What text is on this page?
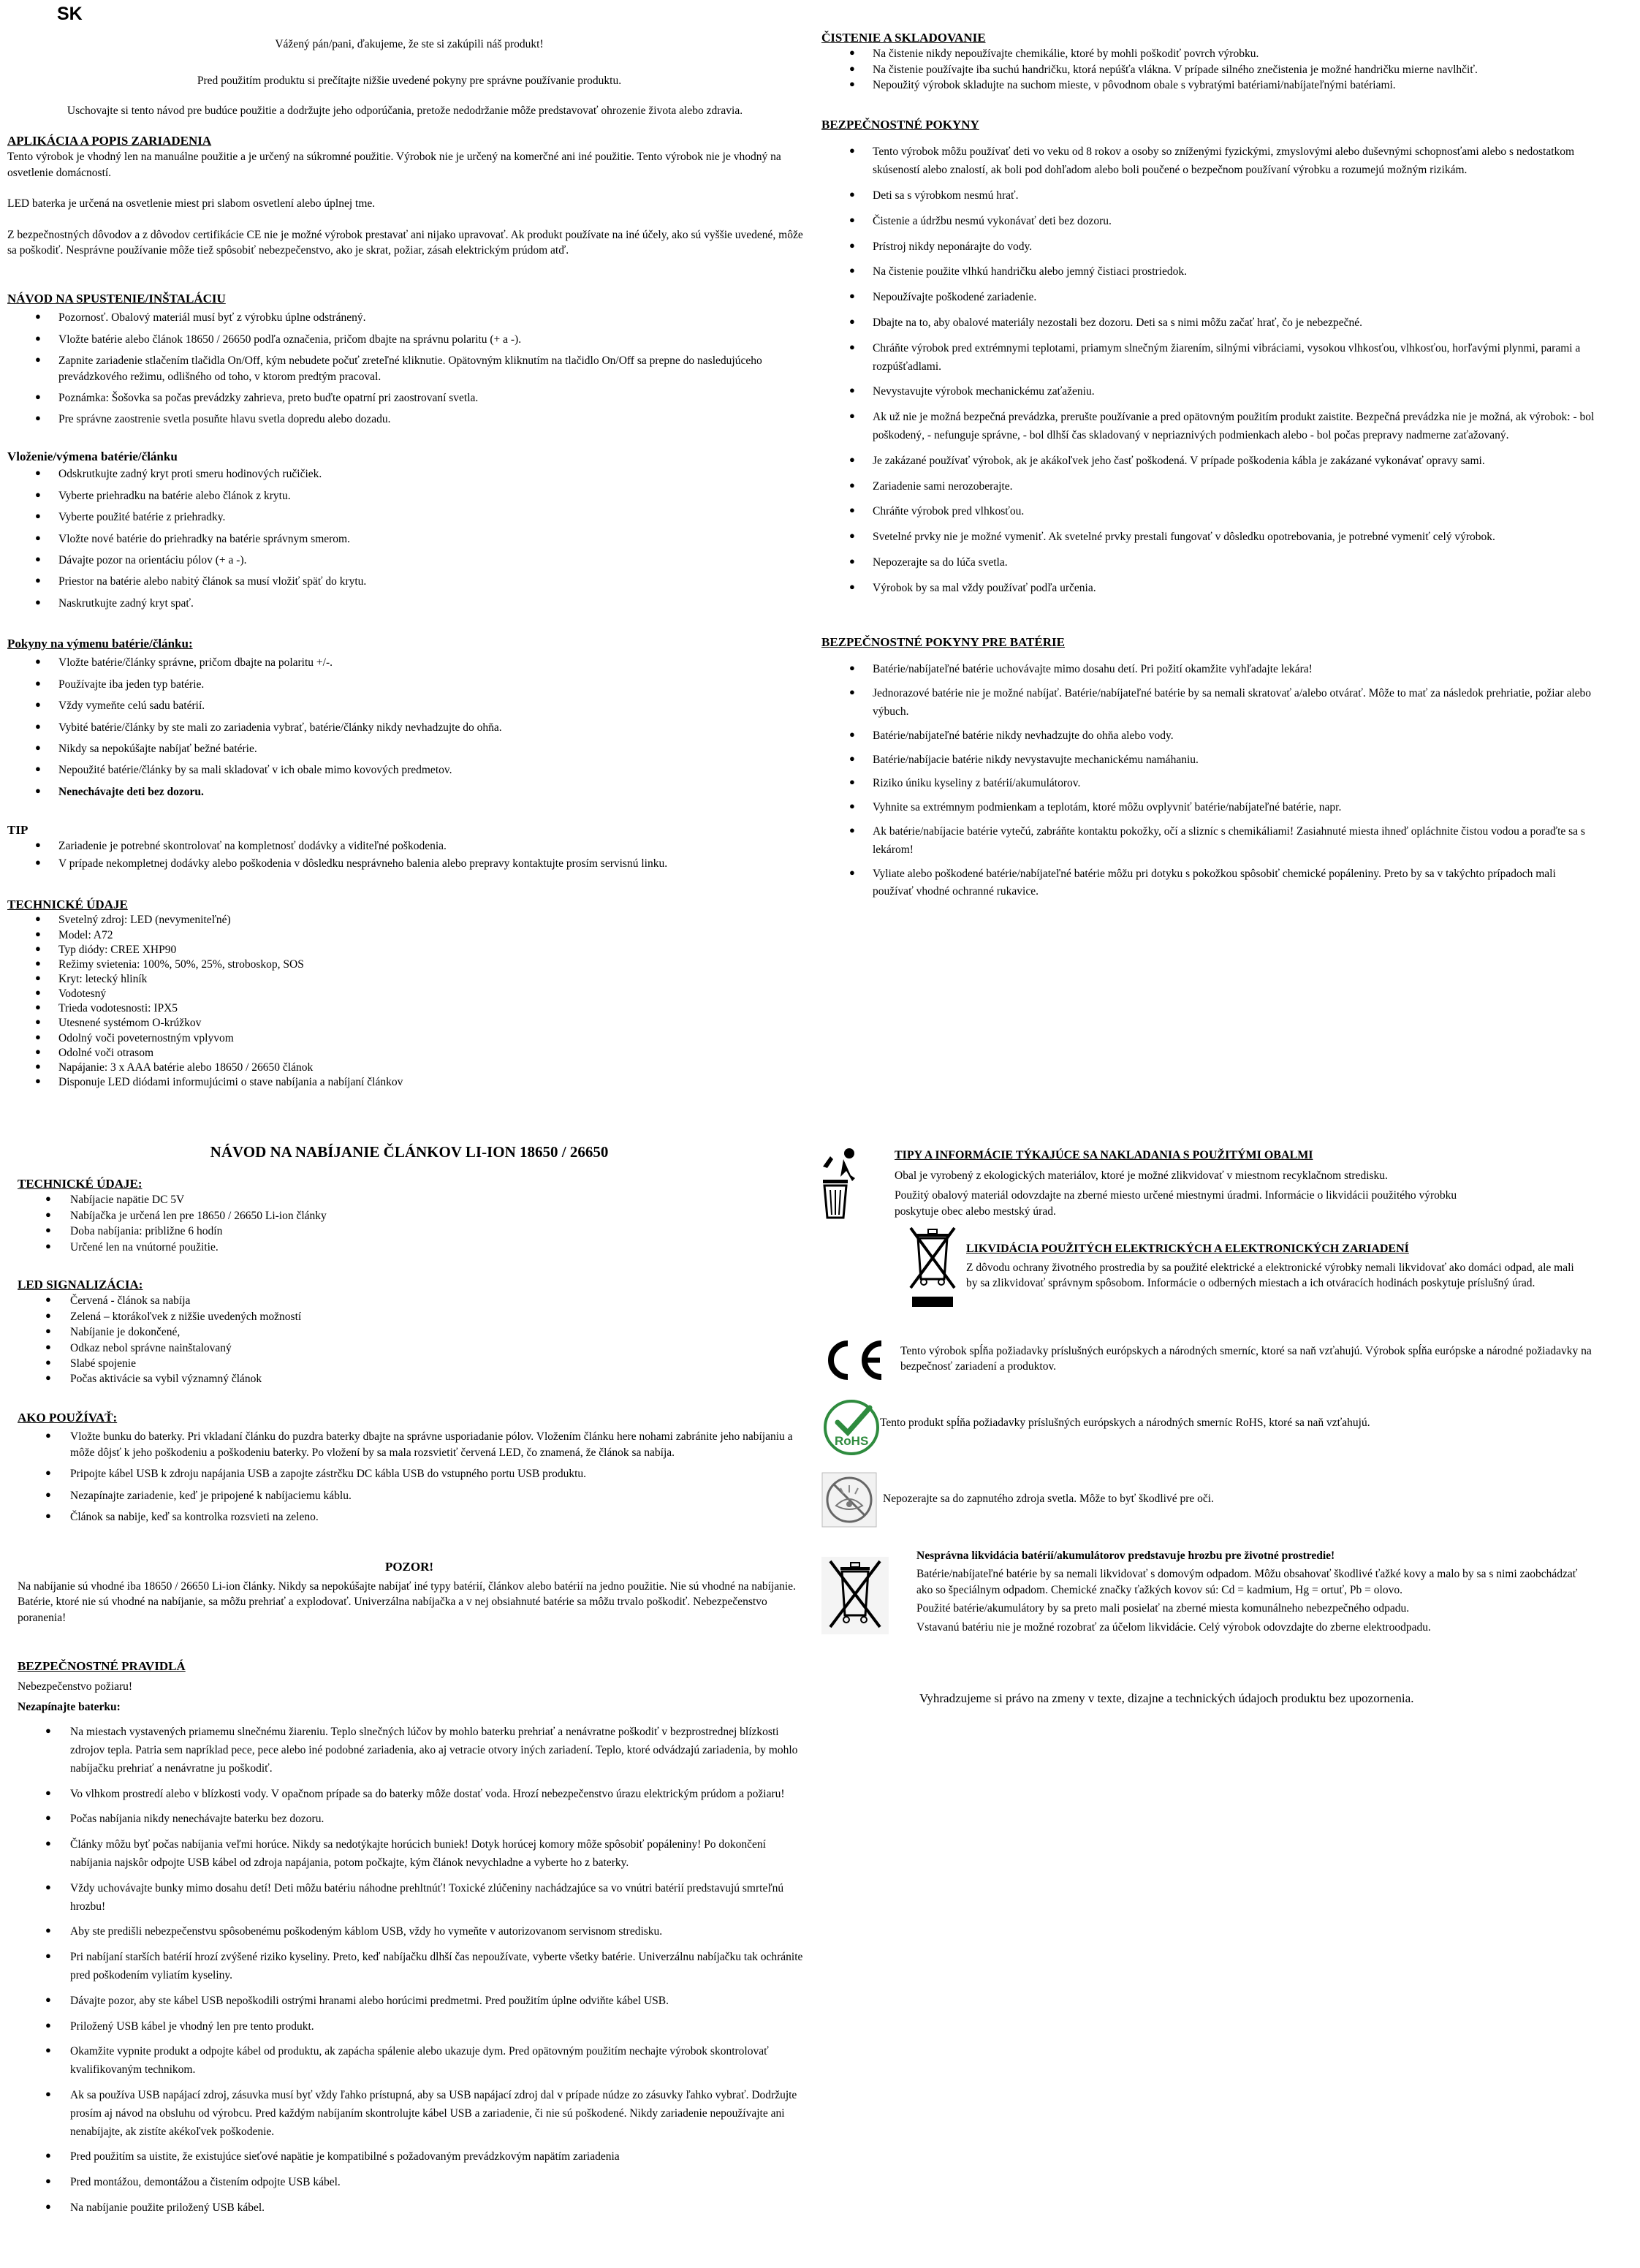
SK
Vážený pán/pani, ďakujeme, že ste si zakúpili náš produkt!
Pred použitím produktu si prečítajte nižšie uvedené pokyny pre správne používanie produktu.
Uschovajte si tento návod pre budúce použitie a dodržujte jeho odporúčania, pretože nedodržanie môže predstavovať ohrozenie života alebo zdravia.

APLIKÁCIA A POPIS ZARIADENIA

Tento výrobok je vhodný len na manuálne použitie a je určený na súkromné použitie. Výrobok nie je určený na komerčné ani iné použitie. Tento výrobok nie je vhodný na osvetlenie domácností.

LED baterka je určená na osvetlenie miest pri slabom osvetlení alebo úplnej tme.

Z bezpečnostných dôvodov a z dôvodov certifikácie CE nie je možné výrobok prestavať ani nijako upravovať. Ak produkt používate na iné účely, ako sú vyššie uvedené, môže sa poškodiť. Nesprávne používanie môže tiež spôsobiť nebezpečenstvo, ako je skrat, požiar, zásah elektrickým prúdom atď.

NÁVOD NA SPUSTENIE/INŠTALÁCIU

● Pozornosť. Obalový materiál musí byť z výrobku úplne odstránený.
● Vložte batérie alebo článok 18650 / 26650 podľa označenia, pričom dbajte na správnu polaritu (+ a -).
● Zapnite zariadenie stlačením tlačidla On/Off, kým nebudete počuť zreteľné kliknutie. Opätovným kliknutím na tlačidlo On/Off sa prepne do nasledujúceho prevádzkového režimu, odlišného od toho, v ktorom predtým pracoval.
● Poznámka: Šošovka sa počas prevádzky zahrieva, preto buďte opatrní pri zaostrovaní svetla.
● Pre správne zaostrenie svetla posuňte hlavu svetla dopredu alebo dozadu.

Vloženie/výmena batérie/článku

● Odskrutkujte zadný kryt proti smeru hodinových ručičiek.
● Vyberte priehradku na batérie alebo článok z krytu.
● Vyberte použité batérie z priehradky.
● Vložte nové batérie do priehradky na batérie správnym smerom.
● Dávajte pozor na orientáciu pólov (+ a -).
● Priestor na batérie alebo nabitý článok sa musí vložiť späť do krytu.
● Naskrutkujte zadný kryt spať.

Pokyny na výmenu batérie/článku:

● Vložte batérie/články správne, pričom dbajte na polaritu +/-.
● Používajte iba jeden typ batérie.
● Vždy vymeňte celú sadu batérií.
● Vybité batérie/články by ste mali zo zariadenia vybrať, batérie/články nikdy nevhadzujte do ohňa.
● Nikdy sa nepokúšajte nabíjať bežné batérie.
● Nepoužité batérie/články by sa mali skladovať v ich obale mimo kovových predmetov.
● Nenechávajte deti bez dozoru.

TIP

● Zariadenie je potrebné skontrolovať na kompletnosť dodávky a viditeľné poškodenia.
● V prípade nekompletnej dodávky alebo poškodenia v dôsledku nesprávneho balenia alebo prepravy kontaktujte prosím servisnú linku.

TECHNICKÉ ÚDAJE

● Svetelný zdroj: LED (nevymeniteľné)
● Model: A72
● Typ diódy: CREE XHP90
● Režimy svietenia: 100%, 50%, 25%, stroboskop, SOS
● Kryt: letecký hliník
● Vodotesný
● Trieda vodotesnosti: IPX5
● Utesnené systémom O-krúžkov
● Odolný voči poveternostným vplyvom
● Odolné voči otrasom
● Napájanie: 3 x AAA batérie alebo 18650 / 26650 článok
● Disponuje LED diódami informujúcimi o stave nabíjania a nabíjaní článkov

ČISTENIE A SKLADOVANIE

● Na čistenie nikdy nepoužívajte chemikálie, ktoré by mohli poškodiť povrch výrobku.
● Na čistenie používajte iba suchú handričku, ktorá nepúšťa vlákna. V prípade silného znečistenia je možné handričku mierne navlhčiť.
● Nepoužitý výrobok skladujte na suchom mieste, v pôvodnom obale s vybratými batériami/nabíjateľnými batériami.

BEZPEČNOSTNÉ POKYNY

● Tento výrobok môžu používať deti vo veku od 8 rokov a osoby so zníženými fyzickými, zmyslovými alebo duševnými schopnosťami alebo s nedostatkom skúseností alebo znalostí, ak boli pod dohľadom alebo boli poučené o bezpečnom používaní výrobku a rozumejú možným rizikám.
● Deti sa s výrobkom nesmú hrať.
● Čistenie a údržbu nesmú vykonávať deti bez dozoru.
● Prístroj nikdy neponárajte do vody.
● Na čistenie použite vlhkú handričku alebo jemný čistiaci prostriedok.
● Nepoužívajte poškodené zariadenie.
● Dbajte na to, aby obalové materiály nezostali bez dozoru. Deti sa s nimi môžu začať hrať, čo je nebezpečné.
● Chráňte výrobok pred extrémnymi teplotami, priamym slnečným žiarením, silnými vibráciami, vysokou vlhkosťou, vlhkosťou, horľavými plynmi, parami a rozpúšťadlami.
● Nevystavujte výrobok mechanickému zaťaženiu.
● Ak už nie je možná bezpečná prevádzka, prerušte používanie a pred opätovným použitím produkt zaistite. Bezpečná prevádzka nie je možná, ak výrobok: - bol poškodený, - nefunguje správne, - bol dlhší čas skladovaný v nepriaznivých podmienkach alebo - bol počas prepravy nadmerne zaťažovaný.
● Je zakázané používať výrobok, ak je akákoľvek jeho časť poškodená. V prípade poškodenia kábla je zakázané vykonávať opravy sami.
● Zariadenie sami nerozoberajte.
● Chráňte výrobok pred vlhkosťou.
● Svetelné prvky nie je možné vymeniť. Ak svetelné prvky prestali fungovať v dôsledku opotrebovania, je potrebné vymeniť celý výrobok.
● Nepozerajte sa do lúča svetla.
● Výrobok by sa mal vždy používať podľa určenia.

BEZPEČNOSTNÉ POKYNY PRE BATÉRIE

● Batérie/nabíjateľné batérie uchovávajte mimo dosahu detí. Pri požití okamžite vyhľadajte lekára!
● Jednorazové batérie nie je možné nabíjať. Batérie/nabíjateľné batérie by sa nemali skratovať a/alebo otvárať. Môže to mať za následok prehriatie, požiar alebo výbuch.
● Batérie/nabíjateľné batérie nikdy nevhadzujte do ohňa alebo vody.
● Batérie/nabíjacie batérie nikdy nevystavujte mechanickému namáhaniu.
● Riziko úniku kyseliny z batérií/akumulátorov.
● Vyhnite sa extrémnym podmienkam a teplotám, ktoré môžu ovplyvniť batérie/nabíjateľné batérie, napr.
● Ak batérie/nabíjacie batérie vytečú, zabráňte kontaktu pokožky, očí a slizníc s chemikáliami! Zasiahnuté miesta ihneď opláchnite čistou vodou a poraďte sa s lekárom!
● Vyliate alebo poškodené batérie/nabíjateľné batérie môžu pri dotyku s pokožkou spôsobiť chemické popáleniny. Preto by sa v takýchto prípadoch mali používať vhodné ochranné rukavice.
NÁVOD NA NABÍJANIE ČLÁNKOV LI-ION 18650 / 26650

TECHNICKÉ ÚDAJE:

● Nabíjacie napätie DC 5V
● Nabíjačka je určená len pre 18650 / 26650 Li-ion články
● Doba nabíjania: približne 6 hodín
● Určené len na vnútorné použitie.

LED SIGNALIZÁCIA:

● Červená - článok sa nabíja
● Zelená – ktorákoľvek z nižšie uvedených možností
● Nabíjanie je dokončené,
● Odkaz nebol správne nainštalovaný
● Slabé spojenie
● Počas aktivácie sa vybil významný článok

AKO POUŽÍVAŤ:

● Vložte bunku do baterky. Pri vkladaní článku do puzdra baterky dbajte na správne usporiadanie pólov. Vložením článku here nohami zabránite jeho nabíjaniu a môže dôjsť k jeho poškodeniu a poškodeniu baterky. Po vložení by sa mala rozsvietiť červená LED, čo znamená, že článok sa nabíja.
● Pripojte kábel USB k zdroju napájania USB a zapojte zástrčku DC kábla USB do vstupného portu USB produktu.
● Nezapínajte zariadenie, keď je pripojené k nabíjaciemu káblu.
● Článok sa nabije, keď sa kontrolka rozsvieti na zeleno.
POZOR!
Na nabíjanie sú vhodné iba 18650 / 26650 Li-ion články. Nikdy sa nepokúšajte nabíjať iné typy batérií, článkov alebo batérií na jedno použitie. Nie sú vhodné na nabíjanie. Batérie, ktoré nie sú vhodné na nabíjanie, sa môžu prehriať a explodovať. Univerzálna nabíjačka a v nej obsiahnuté batérie sa môžu trvalo poškodiť. Nebezpečenstvo poranenia!

BEZPEČNOSTNÉ PRAVIDLÁ

Nebezpečenstvo požiaru!

Nezapínajte baterku:

● Na miestach vystavených priamemu slnečnému žiareniu. Teplo slnečných lúčov by mohlo baterku prehriať a nenávratne poškodiť v bezprostrednej blízkosti zdrojov tepla. Patria sem napríklad pece, pece alebo iné podobné zariadenia, ako aj vetracie otvory iných zariadení. Teplo, ktoré odvádzajú zariadenia, by mohlo nabíjačku prehriať a nenávratne ju poškodiť.
● Vo vlhkom prostredí alebo v blízkosti vody. V opačnom prípade sa do baterky môže dostať voda. Hrozí nebezpečenstvo úrazu elektrickým prúdom a požiaru!
● Počas nabíjania nikdy nenechávajte baterku bez dozoru.
● Články môžu byť počas nabíjania veľmi horúce. Nikdy sa nedotýkajte horúcich buniek! Dotyk horúcej komory môže spôsobiť popáleniny! Po dokončení nabíjania najskôr odpojte USB kábel od zdroja napájania, potom počkajte, kým článok nevychladne a vyberte ho z baterky.
● Vždy uchovávajte bunky mimo dosahu detí! Deti môžu batériu náhodne prehltnúť! Toxické zlúčeniny nachádzajúce sa vo vnútri batérií predstavujú smrteľnú hrozbu!
● Aby ste predišli nebezpečenstvu spôsobenému poškodeným káblom USB, vždy ho vymeňte v autorizovanom servisnom stredisku.
● Pri nabíjaní starších batérií hrozí zvýšené riziko kyseliny. Preto, keď nabíjačku dlhší čas nepoužívate, vyberte všetky batérie. Univerzálnu nabíjačku tak ochránite pred poškodením vyliatím kyseliny.
● Dávajte pozor, aby ste kábel USB nepoškodili ostrými hranami alebo horúcimi predmetmi. Pred použitím úplne odviňte kábel USB.
● Priložený USB kábel je vhodný len pre tento produkt.
● Okamžite vypnite produkt a odpojte kábel od produktu, ak zapácha spálenie alebo ukazuje dym. Pred opätovným použitím nechajte výrobok skontrolovať kvalifikovaným technikom.
● Ak sa používa USB napájací zdroj, zásuvka musí byť vždy ľahko prístupná, aby sa USB napájací zdroj dal v prípade núdze zo zásuvky ľahko vybrať. Dodržujte prosím aj návod na obsluhu od výrobcu. Pred každým nabíjaním skontrolujte kábel USB a zariadenie, či nie sú poškodené. Nikdy zariadenie nepoužívajte ani nenabíjajte, ak zistíte akékoľvek poškodenie.
● Pred použitím sa uistite, že existujúce sieťové napätie je kompatibilné s požadovaným prevádzkovým napätím zariadenia
● Pred montážou, demontážou a čistením odpojte USB kábel.
● Na nabíjanie použite priložený USB kábel.

TIPY A INFORMÁCIE TÝKAJÚCE SA NAKLADANIA S POUŽITÝMI OBALMI

Obal je vyrobený z ekologických materiálov, ktoré je možné zlikvidovať v miestnom recyklačnom stredisku.

Použitý obalový materiál odovzdajte na zberné miesto určené miestnymi úradmi. Informácie o likvidácii použitého výrobku poskytuje obec alebo mestský úrad.

LIKVIDÁCIA POUŽITÝCH ELEKTRICKÝCH A ELEKTRONICKÝCH ZARIADENÍ

Z dôvodu ochrany životného prostredia by sa použité elektrické a elektronické výrobky nemali likvidovať ako domáci odpad, ale mali by sa zlikvidovať správnym spôsobom. Informácie o odberných miestach a ich otváracích hodinách poskytuje príslušný úrad.

Tento výrobok spĺňa požiadavky príslušných európskych a národných smerníc, ktoré sa naň vzťahujú. Výrobok spĺňa európske a národné požiadavky na bezpečnosť zariadení a produktov.
RoHS
Tento produkt spĺňa požiadavky príslušných európskych a národných smerníc RoHS, ktoré sa naň vzťahujú.
Nepozerajte sa do zapnutého zdroja svetla. Môže to byť škodlivé pre oči.

Nesprávna likvidácia batérií/akumulátorov predstavuje hrozbu pre životné prostredie!

Batérie/nabíjateľné batérie by sa nemali likvidovať s domovým odpadom. Môžu obsahovať škodlivé ťažké kovy a malo by sa s nimi zaobchádzať ako so špeciálnym odpadom. Chemické značky ťažkých kovov sú: Cd = kadmium, Hg = ortuť, Pb = olovo.

Použité batérie/akumulátory by sa preto mali posielať na zberné miesta komunálneho nebezpečného odpadu.

Vstavanú batériu nie je možné rozobrať za účelom likvidácie. Celý výrobok odovzdajte do zberne elektroodpadu.

Vyhradzujeme si právo na zmeny v texte, dizajne a technických údajoch produktu bez upozornenia.
